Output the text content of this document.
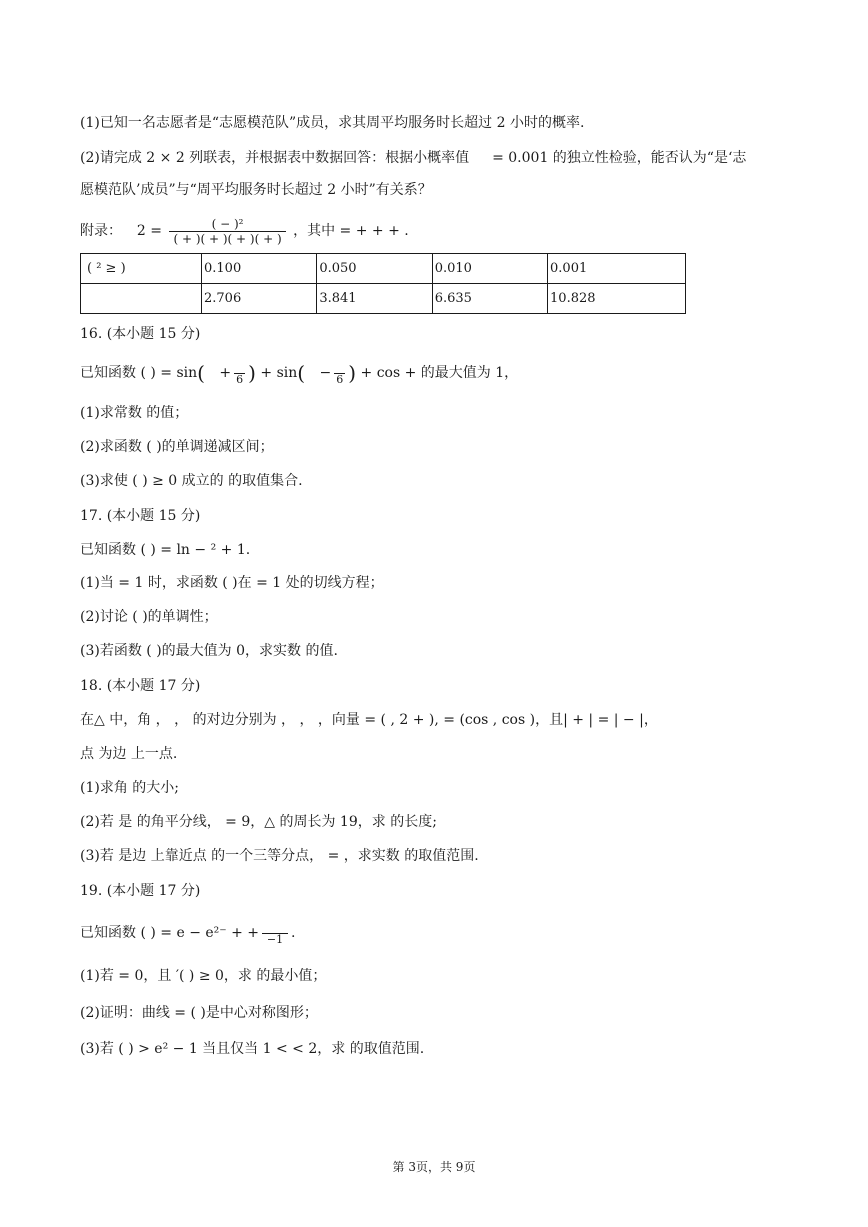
(1)已知一名志愿者是“志愿模范队”成员，求其周平均服务时长超过 2 小时的概率.
(2)请完成 2 × 2 列联表，并根据表中数据回答：根据小概率值 = 0.001 的独立性检验，能否认为“是‘志
愿模范队’成员”与“周平均服务时长超过 2 小时”有关系？
附录： $2 = \frac{\text{( − )²}}{( + )( + )( + )( + )}$ ，其中 = + + + .
( ² ≥ )	0.100	0.050	0.010	0.001
	2.706	3.841	6.635	10.828
16. (本小题 15 分)
已知函数 ( ) = sin( +
6 ) + sin( −
6 ) + cos + 的最大值为 1，
(1)求常数 的值；
(2)求函数 ( )的单调递减区间；
(3)求使 ( ) ≥ 0 成立的 的取值集合.
17. (本小题 15 分)
已知函数 ( ) = ln − ² + 1.
(1)当 = 1 时，求函数 ( )在 = 1 处的切线方程；
(2)讨论 ( )的单调性；
(3)若函数 ( )的最大值为 0，求实数 的值.
18. (本小题 17 分)
在△ 中，角 ， ， 的对边分别为 ， ， ，向量 = ( , 2 + ), = (cos , cos )，且| + | = | − |，
点 为边 上一点.
(1)求角 的大小;
(2)若 是 的角平分线， = 9，△ 的周长为 19，求 的长度;
(3)若 是边 上靠近点 的一个三等分点， = ，求实数 的取值范围.
19. (本小题 17 分)
已知函数 ( ) = e − e²⁻ + +
−1 .
(1)若 = 0，且 ′( ) ≥ 0，求 的最小值；
(2)证明：曲线 = ( )是中心对称图形；
(3)若 ( ) > e² − 1 当且仅当 1 < < 2，求 的取值范围.
第 3页，共 9页
